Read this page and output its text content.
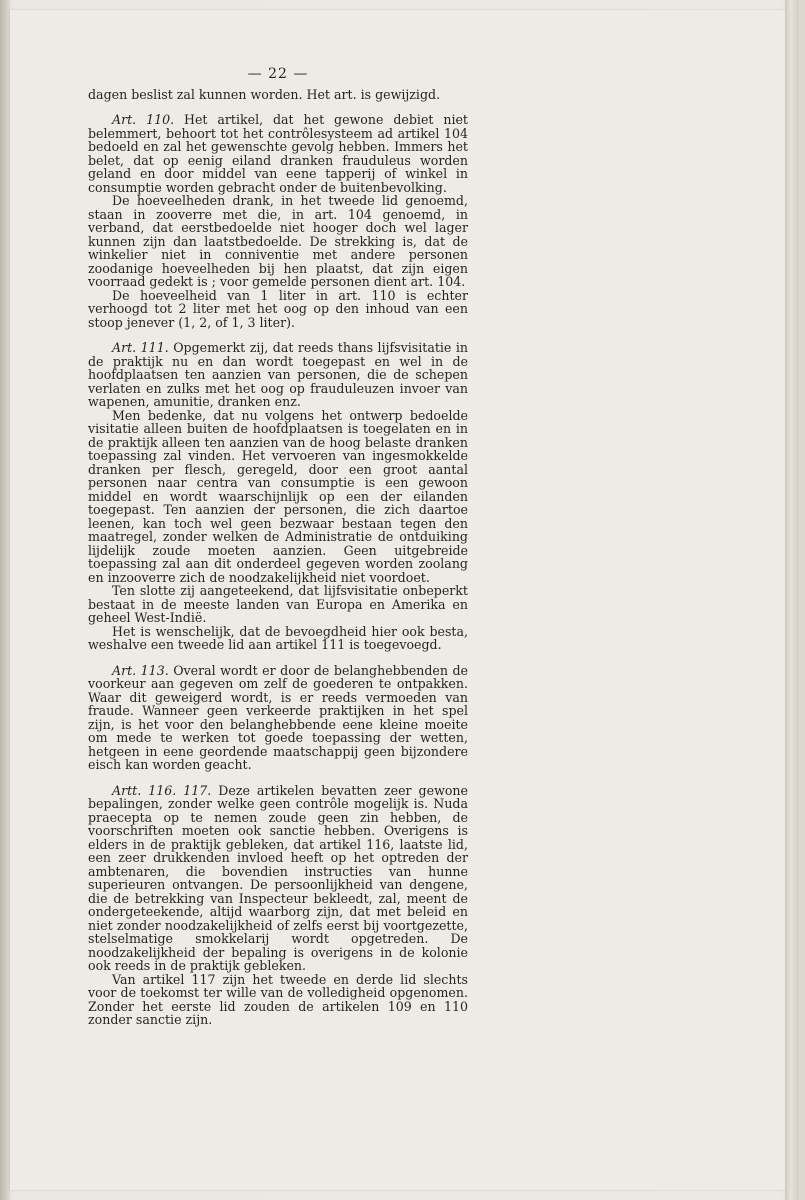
— 22 —

dagen beslist zal kunnen worden. Het art. is gewijzigd.

Art. 110. Het artikel, dat het gewone debiet niet belemmert, behoort tot het contrôlesysteem ad artikel 104 bedoeld en zal het gewenschte gevolg hebben. Immers het belet, dat op eenig eiland dranken frauduleus worden geland en door middel van eene tapperij of winkel in consumptie worden gebracht onder de buitenbevolking.

De hoeveelheden drank, in het tweede lid genoemd, staan in zooverre met die, in art. 104 genoemd, in verband, dat eerstbedoelde niet hooger doch wel lager kunnen zijn dan laatstbedoelde. De strekking is, dat de winkelier niet in conniventie met andere personen zoodanige hoeveelheden bij hen plaatst, dat zijn eigen voorraad gedekt is ; voor gemelde personen dient art. 104.

De hoeveelheid van 1 liter in art. 110 is echter verhoogd tot 2 liter met het oog op den inhoud van een stoop jenever (1, 2, of 1, 3 liter).

Art. 111. Opgemerkt zij, dat reeds thans lijfsvisitatie in de praktijk nu en dan wordt toegepast en wel in de hoofdplaatsen ten aanzien van personen, die de schepen verlaten en zulks met het oog op frauduleuzen invoer van wapenen, amunitie, dranken enz.

Men bedenke, dat nu volgens het ontwerp bedoelde visitatie alleen buiten de hoofdplaatsen is toegelaten en in de praktijk alleen ten aanzien van de hoog belaste dranken toepassing zal vinden. Het vervoeren van ingesmokkelde dranken per flesch, geregeld, door een groot aantal personen naar centra van consumptie is een gewoon middel en wordt waarschijnlijk op een der eilanden toegepast. Ten aanzien der personen, die zich daartoe leenen, kan toch wel geen bezwaar bestaan tegen den maatregel, zonder welken de Administratie de ontduiking lijdelijk zoude moeten aanzien. Geen uitgebreide toepassing zal aan dit onderdeel gegeven worden zoolang en inzooverre zich de noodzakelijkheid niet voordoet.

Ten slotte zij aangeteekend, dat lijfsvisitatie onbeperkt bestaat in de meeste landen van Europa en Amerika en geheel West-Indië.

Het is wenschelijk, dat de bevoegdheid hier ook besta, weshalve een tweede lid aan artikel 111 is toegevoegd.

Art. 113. Overal wordt er door de belanghebbenden de voorkeur aan gegeven om zelf de goederen te ontpakken. Waar dit geweigerd wordt, is er reeds vermoeden van fraude. Wanneer geen verkeerde praktijken in het spel zijn, is het voor den belanghebbende eene kleine moeite om mede te werken tot goede toepassing der wetten, hetgeen in eene geordende maatschappij geen bijzondere eisch kan worden geacht.

Artt. 116. 117. Deze artikelen bevatten zeer gewone bepalingen, zonder welke geen contrôle mogelijk is. Nuda praecepta op te nemen zoude geen zin hebben, de voorschriften moeten ook sanctie hebben. Overigens is elders in de praktijk gebleken, dat artikel 116, laatste lid, een zeer drukkenden invloed heeft op het optreden der ambtenaren, die bovendien instructies van hunne superieuren ontvangen. De persoonlijkheid van dengene, die de betrekking van Inspecteur bekleedt, zal, meent de ondergeteekende, altijd waarborg zijn, dat met beleid en niet zonder noodzakelijkheid of zelfs eerst bij voortgezette, stelselmatige smokkelarij wordt opgetreden. De noodzakelijkheid der bepaling is overigens in de kolonie ook reeds in de praktijk gebleken.

Van artikel 117 zijn het tweede en derde lid slechts voor de toekomst ter wille van de volledigheid opgenomen. Zonder het eerste lid zouden de artikelen 109 en 110 zonder sanctie zijn.
